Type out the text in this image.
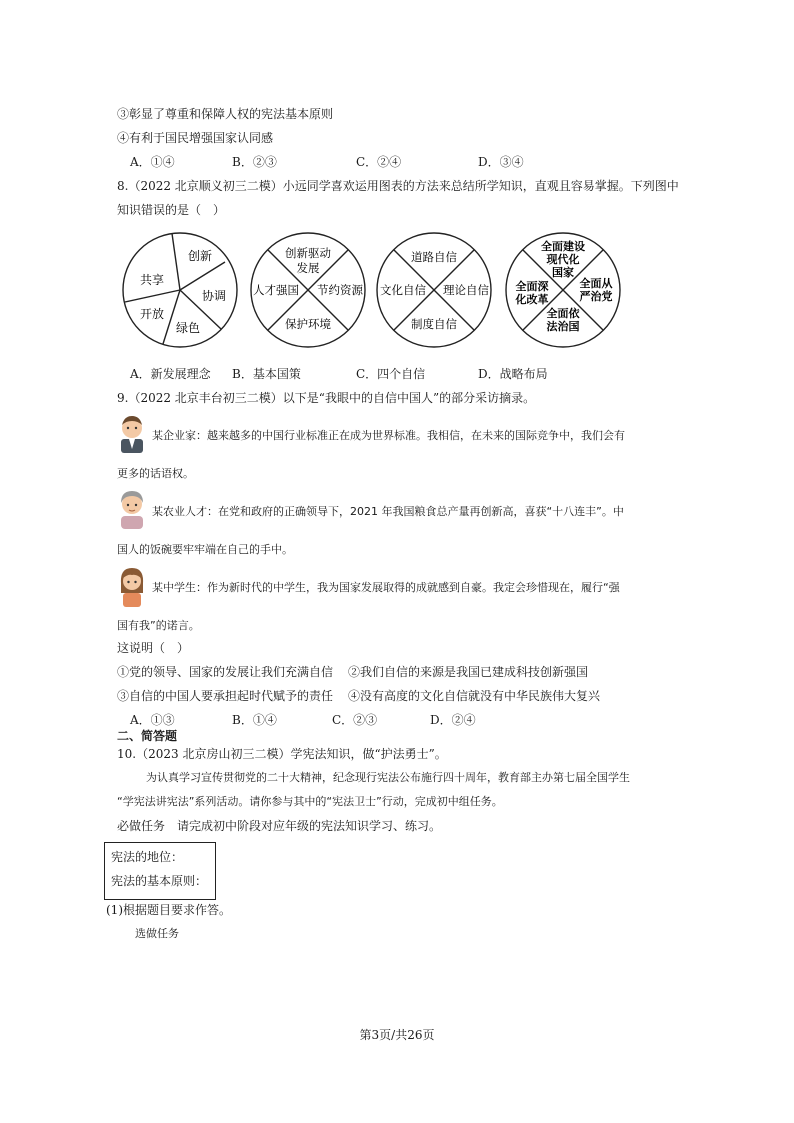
③彰显了尊重和保障人权的宪法基本原则
④有利于国民增强国家认同感
A．①④	B．②③	C．②④	D．③④
8.（2022 北京顺义初三二模）小远同学喜欢运用图表的方法来总结所学知识，直观且容易掌握。下列图中
知识错误的是（　）
创新
共享
协调
开放
绿色
创新驱动
发展
人才强国 节约资源
保护环境
道路自信
文化自信 理论自信
制度自信
全面建设
现代化
国家
全面深
化改革
全面从
严治党
全面依
法治国
A．新发展理念 B．基本国策	C．四个自信	D．战略布局
9.（2022 北京丰台初三二模）以下是“我眼中的自信中国人”的部分采访摘录。
某企业家：越来越多的中国行业标准正在成为世界标准。我相信，在未来的国际竞争中，我们会有
更多的话语权。
某农业人才：在党和政府的正确领导下，2021 年我国粮食总产量再创新高，喜获“十八连丰”。中
国人的饭碗要牢牢端在自己的手中。
某中学生：作为新时代的中学生，我为国家发展取得的成就感到自豪。我定会珍惜现在，履行“强
国有我”的诺言。
这说明（　）
①党的领导、国家的发展让我们充满自信 ②我们自信的来源是我国已建成科技创新强国
③自信的中国人要承担起时代赋予的责任 ④没有高度的文化自信就没有中华民族伟大复兴
A．①③	B．①④	C．②③	D．②④
二、简答题
10.（2023 北京房山初三二模）学宪法知识，做“护法勇士”。
为认真学习宣传贯彻党的二十大精神，纪念现行宪法公布施行四十周年，教育部主办第七届全国学生
“学宪法讲宪法”系列活动。请你参与其中的“宪法卫士”行动，完成初中组任务。
必做任务　请完成初中阶段对应年级的宪法知识学习、练习。
宪法的地位：
宪法的基本原则：
(1)根据题目要求作答。
选做任务
第3页/共26页
